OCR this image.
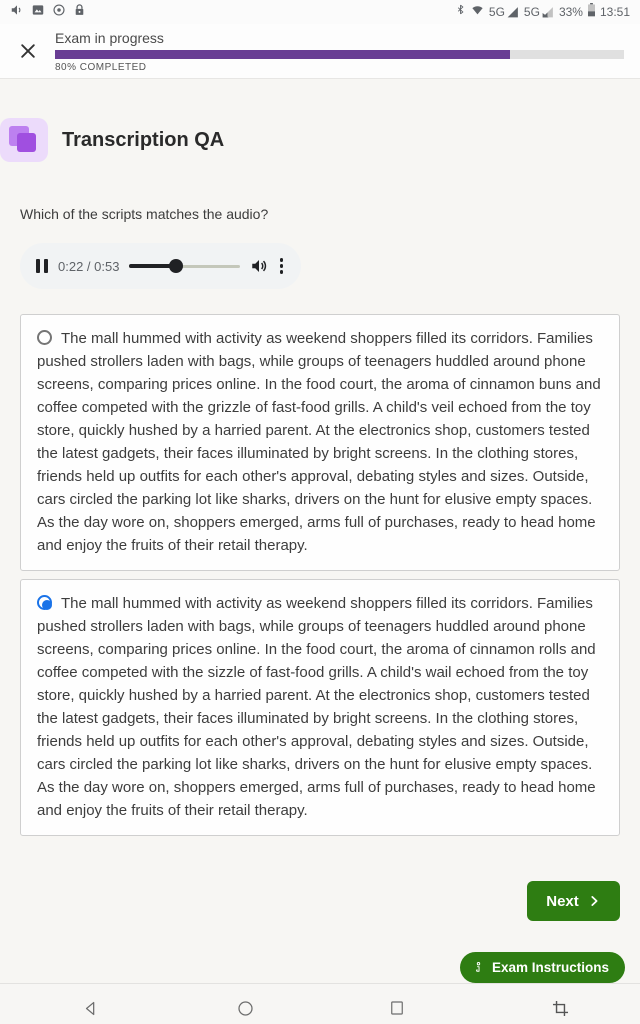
5G 5G 33% 13:51
Exam in progress
80% COMPLETED
Transcription QA
Which of the scripts matches the audio?
0:22 / 0:53

The mall hummed with activity as weekend shoppers filled its corridors. Families pushed strollers laden with bags, while groups of teenagers huddled around phone screens, comparing prices online. In the food court, the aroma of cinnamon buns and coffee competed with the grizzle of fast-food grills. A child's veil echoed from the toy store, quickly hushed by a harried parent. At the electronics shop, customers tested the latest gadgets, their faces illuminated by bright screens. In the clothing stores, friends held up outfits for each other's approval, debating styles and sizes. Outside, cars circled the parking lot like sharks, drivers on the hunt for elusive empty spaces. As the day wore on, shoppers emerged, arms full of purchases, ready to head home and enjoy the fruits of their retail therapy.

The mall hummed with activity as weekend shoppers filled its corridors. Families pushed strollers laden with bags, while groups of teenagers huddled around phone screens, comparing prices online. In the food court, the aroma of cinnamon rolls and coffee competed with the sizzle of fast-food grills. A child's wail echoed from the toy store, quickly hushed by a harried parent. At the electronics shop, customers tested the latest gadgets, their faces illuminated by bright screens. In the clothing stores, friends held up outfits for each other's approval, debating styles and sizes. Outside, cars circled the parking lot like sharks, drivers on the hunt for elusive empty spaces. As the day wore on, shoppers emerged, arms full of purchases, ready to head home and enjoy the fruits of their retail therapy.

Next
Exam Instructions
